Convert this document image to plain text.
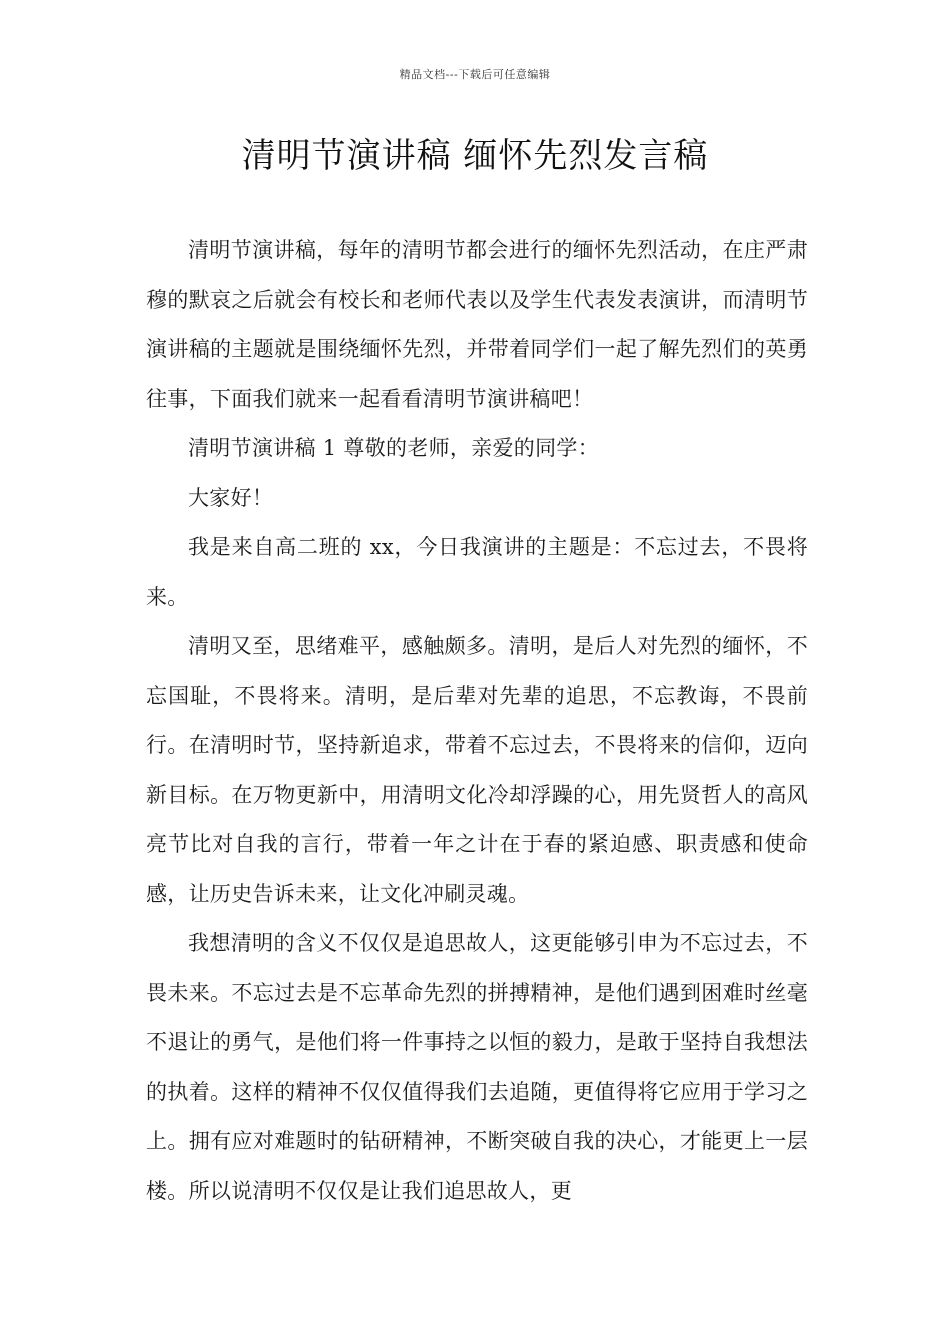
精品文档---下载后可任意编辑
清明节演讲稿 缅怀先烈发言稿

清明节演讲稿，每年的清明节都会进行的缅怀先烈活动，在庄严肃穆的默哀之后就会有校长和老师代表以及学生代表发表演讲，而清明节演讲稿的主题就是围绕缅怀先烈，并带着同学们一起了解先烈们的英勇往事，下面我们就来一起看看清明节演讲稿吧！

清明节演讲稿 1 尊敬的老师，亲爱的同学：

大家好！

我是来自高二班的 xx，今日我演讲的主题是：不忘过去，不畏将来。

清明又至，思绪难平，感触颇多。清明，是后人对先烈的缅怀，不忘国耻，不畏将来。清明，是后辈对先辈的追思，不忘教诲，不畏前行。在清明时节，坚持新追求，带着不忘过去，不畏将来的信仰，迈向新目标。在万物更新中，用清明文化冷却浮躁的心，用先贤哲人的高风亮节比对自我的言行，带着一年之计在于春的紧迫感、职责感和使命感，让历史告诉未来，让文化冲刷灵魂。

我想清明的含义不仅仅是追思故人，这更能够引申为不忘过去，不畏未来。不忘过去是不忘革命先烈的拼搏精神，是他们遇到困难时丝毫不退让的勇气，是他们将一件事持之以恒的毅力，是敢于坚持自我想法的执着。这样的精神不仅仅值得我们去追随，更值得将它应用于学习之上。拥有应对难题时的钻研精神，不断突破自我的决心，才能更上一层楼。所以说清明不仅仅是让我们追思故人，更
